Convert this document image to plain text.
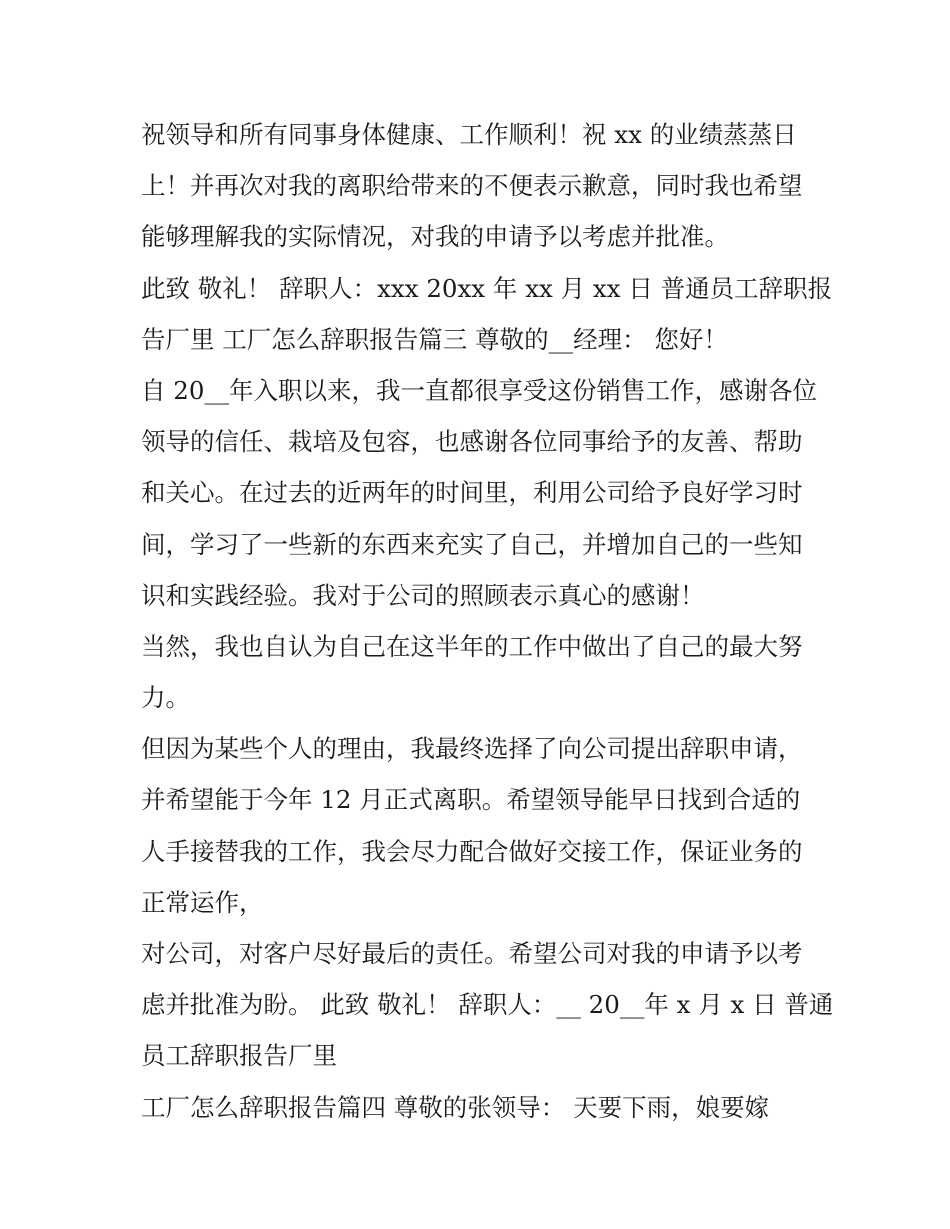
祝领导和所有同事身体健康、工作顺利！祝 xx 的业绩蒸蒸日
上！并再次对我的离职给带来的不便表示歉意，同时我也希望
能够理解我的实际情况，对我的申请予以考虑并批准。
此致 敬礼！ 辞职人：xxx 20xx 年 xx 月 xx 日 普通员工辞职报
告厂里 工厂怎么辞职报告篇三 尊敬的__经理： 您好！
自 20__年入职以来，我一直都很享受这份销售工作，感谢各位
领导的信任、栽培及包容，也感谢各位同事给予的友善、帮助
和关心。在过去的近两年的时间里，利用公司给予良好学习时
间，学习了一些新的东西来充实了自己，并增加自己的一些知
识和实践经验。我对于公司的照顾表示真心的感谢！
当然，我也自认为自己在这半年的工作中做出了自己的最大努
力。
但因为某些个人的理由，我最终选择了向公司提出辞职申请，
并希望能于今年 12 月正式离职。希望领导能早日找到合适的
人手接替我的工作，我会尽力配合做好交接工作，保证业务的
正常运作，
对公司，对客户尽好最后的责任。希望公司对我的申请予以考
虑并批准为盼。 此致 敬礼！ 辞职人：__ 20__年 x 月 x 日 普通
员工辞职报告厂里
工厂怎么辞职报告篇四 尊敬的张领导： 天要下雨，娘要嫁
